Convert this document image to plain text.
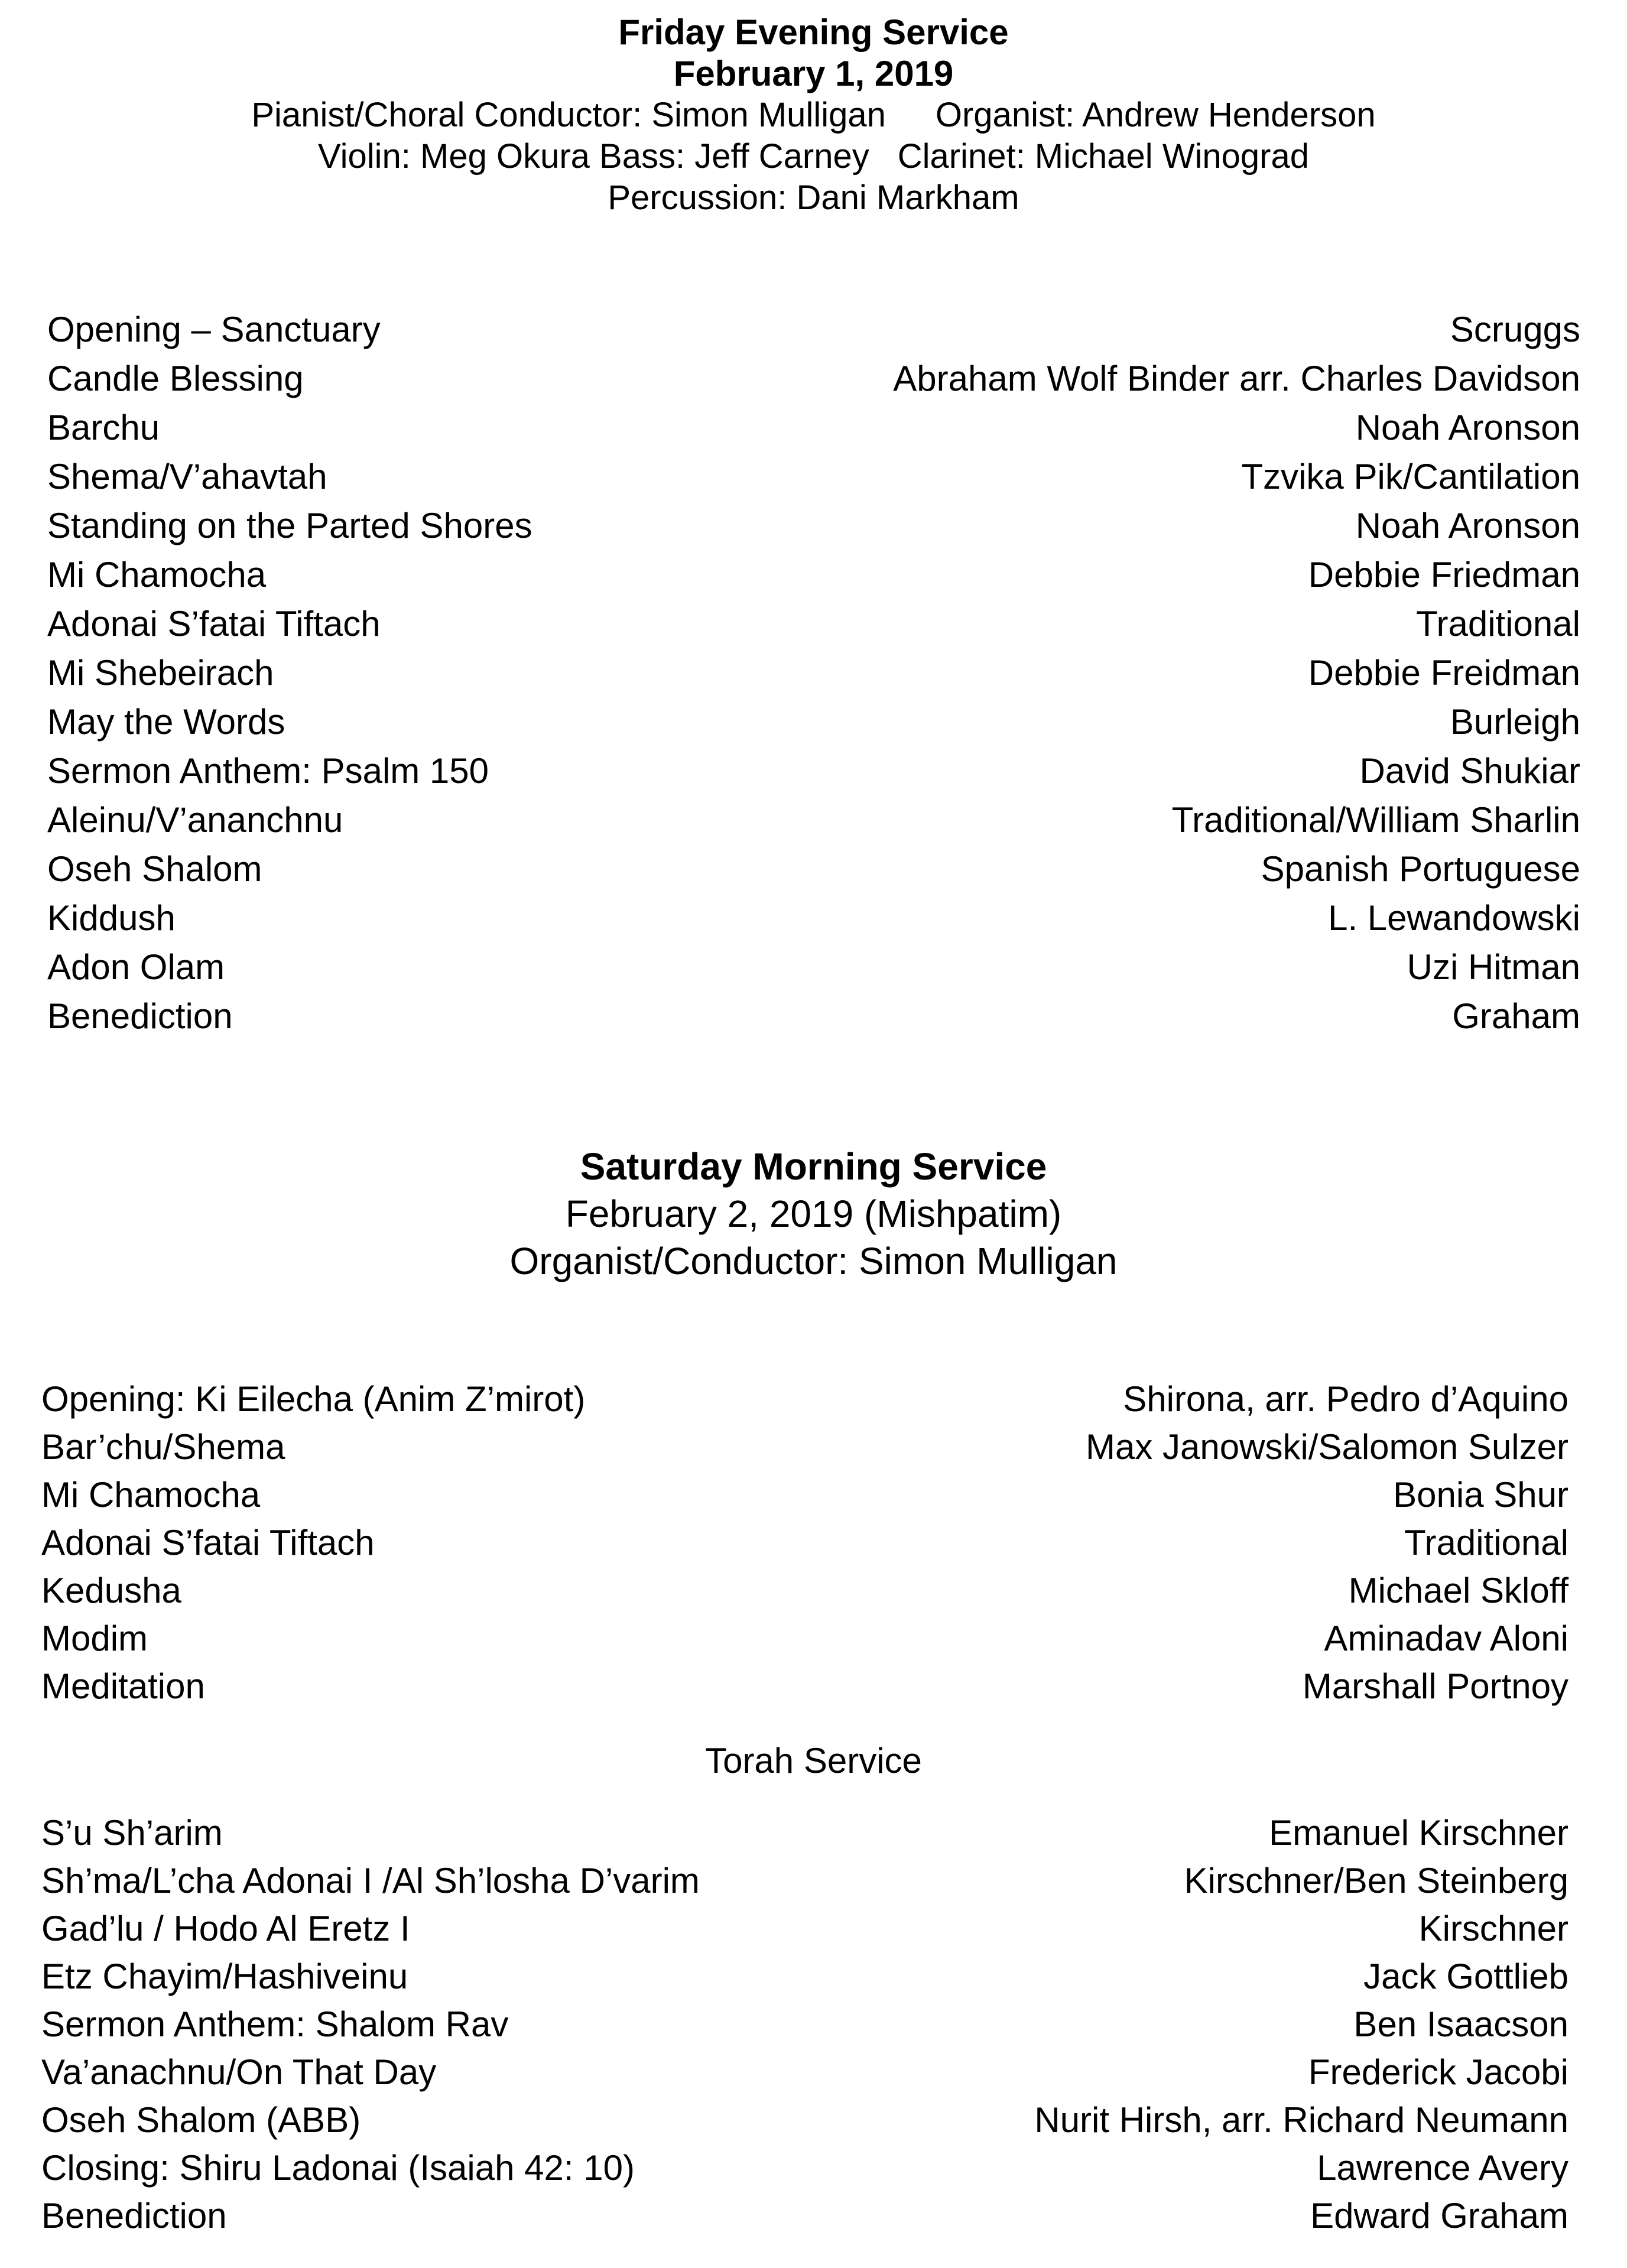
Friday Evening Service
February 1, 2019
Pianist/Choral Conductor: Simon Mulligan Organist: Andrew Henderson
Violin: Meg Okura Bass: Jeff Carney Clarinet: Michael Winograd
Percussion: Dani Markham
Opening – Sanctuary	Scruggs
Candle Blessing	Abraham Wolf Binder arr. Charles Davidson
Barchu	Noah Aronson
Shema/V’ahavtah	Tzvika Pik/Cantilation
Standing on the Parted Shores	Noah Aronson
Mi Chamocha	Debbie Friedman
Adonai S’fatai Tiftach	Traditional
Mi Shebeirach	Debbie Freidman
May the Words	Burleigh
Sermon Anthem: Psalm 150	David Shukiar
Aleinu/V’ananchnu	Traditional/William Sharlin
Oseh Shalom	Spanish Portuguese
Kiddush	L. Lewandowski
Adon Olam	Uzi Hitman
Benediction	Graham
Saturday Morning Service
February 2, 2019 (Mishpatim)
Organist/Conductor: Simon Mulligan
Opening: Ki Eilecha (Anim Z’mirot)	Shirona, arr. Pedro d’Aquino
Bar’chu/Shema	Max Janowski/Salomon Sulzer
Mi Chamocha	Bonia Shur
Adonai S’fatai Tiftach	Traditional
Kedusha	Michael Skloff
Modim	Aminadav Aloni
Meditation	Marshall Portnoy
Torah Service
S’u Sh’arim	Emanuel Kirschner
Sh’ma/L’cha Adonai I /Al Sh’losha D’varim	Kirschner/Ben Steinberg
Gad’lu / Hodo Al Eretz I	Kirschner
Etz Chayim/Hashiveinu	Jack Gottlieb
Sermon Anthem: Shalom Rav	Ben Isaacson
Va’anachnu/On That Day	Frederick Jacobi
Oseh Shalom (ABB)	Nurit Hirsh, arr. Richard Neumann
Closing: Shiru Ladonai (Isaiah 42: 10)	Lawrence Avery
Benediction	Edward Graham
